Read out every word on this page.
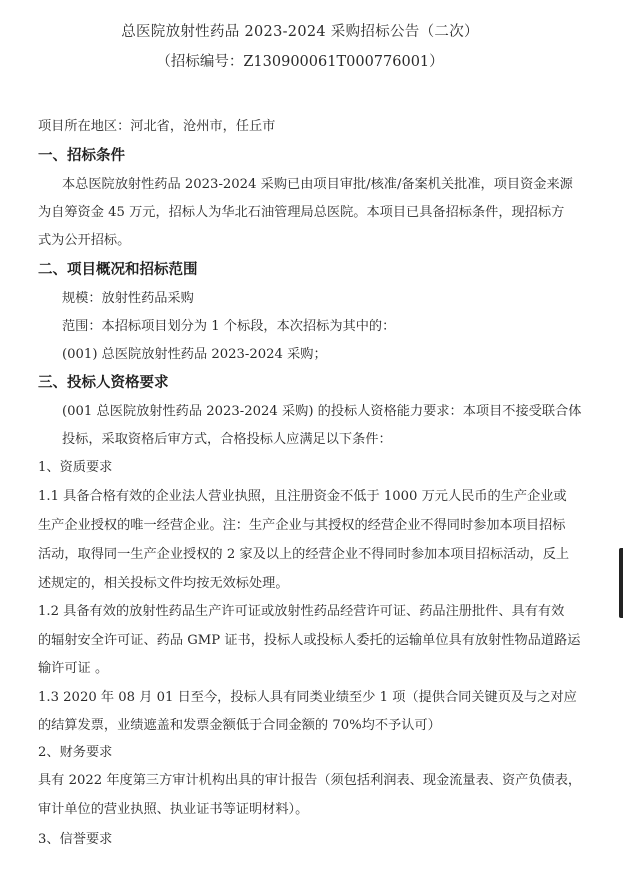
总医院放射性药品 2023-2024 采购招标公告（二次）
（招标编号：Z130900061T000776001）
项目所在地区：河北省，沧州市，任丘市
一、招标条件
本总医院放射性药品 2023-2024 采购已由项目审批/核准/备案机关批准，项目资金来源
为自筹资金 45 万元，招标人为华北石油管理局总医院。本项目已具备招标条件，现招标方
式为公开招标。
二、项目概况和招标范围
规模：放射性药品采购
范围：本招标项目划分为 1 个标段，本次招标为其中的：
(001) 总医院放射性药品 2023-2024 采购；
三、投标人资格要求
(001 总医院放射性药品 2023-2024 采购) 的投标人资格能力要求：本项目不接受联合体
投标，采取资格后审方式，合格投标人应满足以下条件：
1、资质要求
1.1 具备合格有效的企业法人营业执照，且注册资金不低于 1000 万元人民币的生产企业或
生产企业授权的唯一经营企业。注：生产企业与其授权的经营企业不得同时参加本项目招标
活动，取得同一生产企业授权的 2 家及以上的经营企业不得同时参加本项目招标活动，反上
述规定的，相关投标文件均按无效标处理。
1.2 具备有效的放射性药品生产许可证或放射性药品经营许可证、药品注册批件、具有有效
的辐射安全许可证、药品 GMP 证书，投标人或投标人委托的运输单位具有放射性物品道路运
输许可证 。
1.3 2020 年 08 月 01 日至今，投标人具有同类业绩至少 1 项（提供合同关键页及与之对应
的结算发票，业绩遮盖和发票金额低于合同金额的 70%均不予认可）
2、财务要求
具有 2022 年度第三方审计机构出具的审计报告（须包括利润表、现金流量表、资产负债表，
审计单位的营业执照、执业证书等证明材料）。
3、信誉要求
